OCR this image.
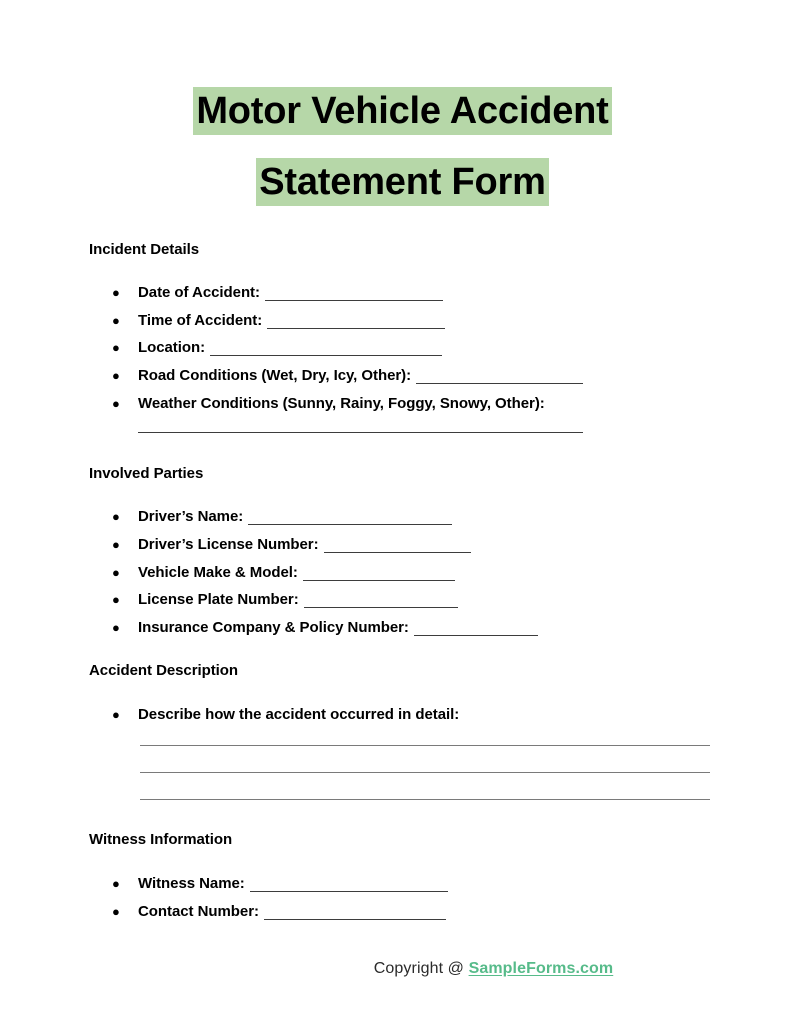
Motor Vehicle Accident
Statement Form
Incident Details
● Date of Accident:
● Time of Accident:
● Location:
● Road Conditions (Wet, Dry, Icy, Other):
● Weather Conditions (Sunny, Rainy, Foggy, Snowy, Other):
Involved Parties
● Driver’s Name:
● Driver’s License Number:
● Vehicle Make & Model:
● License Plate Number:
● Insurance Company & Policy Number:
Accident Description
● Describe how the accident occurred in detail:
Witness Information
● Witness Name:
● Contact Number:
Copyright @ SampleForms.com
